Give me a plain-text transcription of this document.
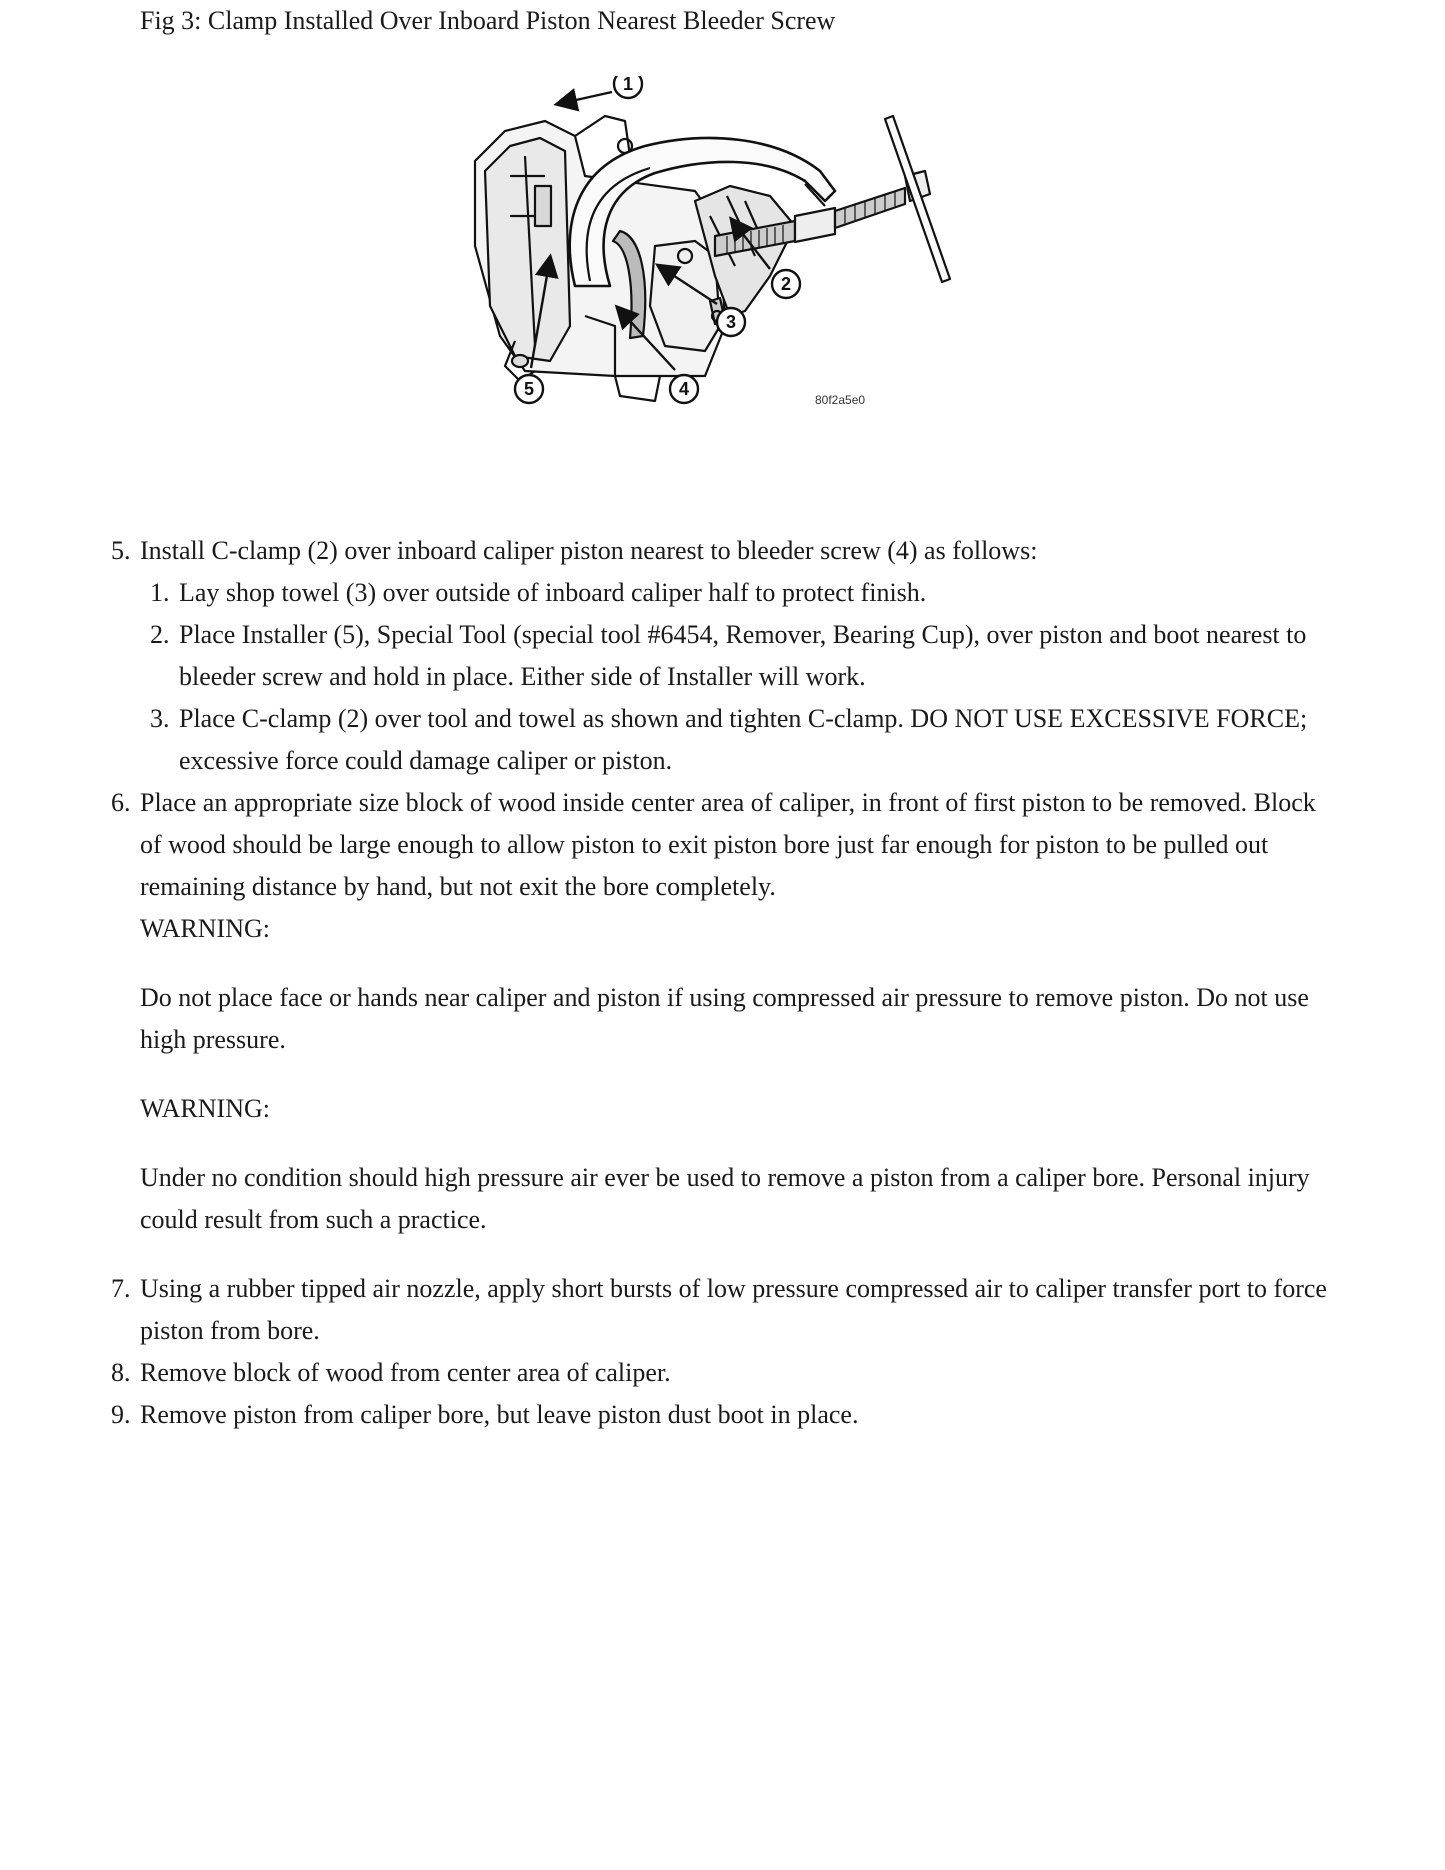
Fig 3: Clamp Installed Over Inboard Piston Nearest Bleeder Screw

1
2
3
4
5
80f2a5e0
5. Install C-clamp (2) over inboard caliper piston nearest to bleeder screw (4) as follows:
1. Lay shop towel (3) over outside of inboard caliper half to protect finish.
2. Place Installer (5), Special Tool (special tool #6454, Remover, Bearing Cup), over piston and boot nearest to bleeder screw and hold in place. Either side of Installer will work.
3. Place C-clamp (2) over tool and towel as shown and tighten C-clamp. DO NOT USE EXCESSIVE FORCE; excessive force could damage caliper or piston.
6. Place an appropriate size block of wood inside center area of caliper, in front of first piston to be removed. Block of wood should be large enough to allow piston to exit piston bore just far enough for piston to be pulled out remaining distance by hand, but not exit the bore completely.

WARNING:

Do not place face or hands near caliper and piston if using compressed air pressure to remove piston. Do not use high pressure.

WARNING:

Under no condition should high pressure air ever be used to remove a piston from a caliper bore. Personal injury could result from such a practice.

7. Using a rubber tipped air nozzle, apply short bursts of low pressure compressed air to caliper transfer port to force piston from bore.
8. Remove block of wood from center area of caliper.
9. Remove piston from caliper bore, but leave piston dust boot in place.
